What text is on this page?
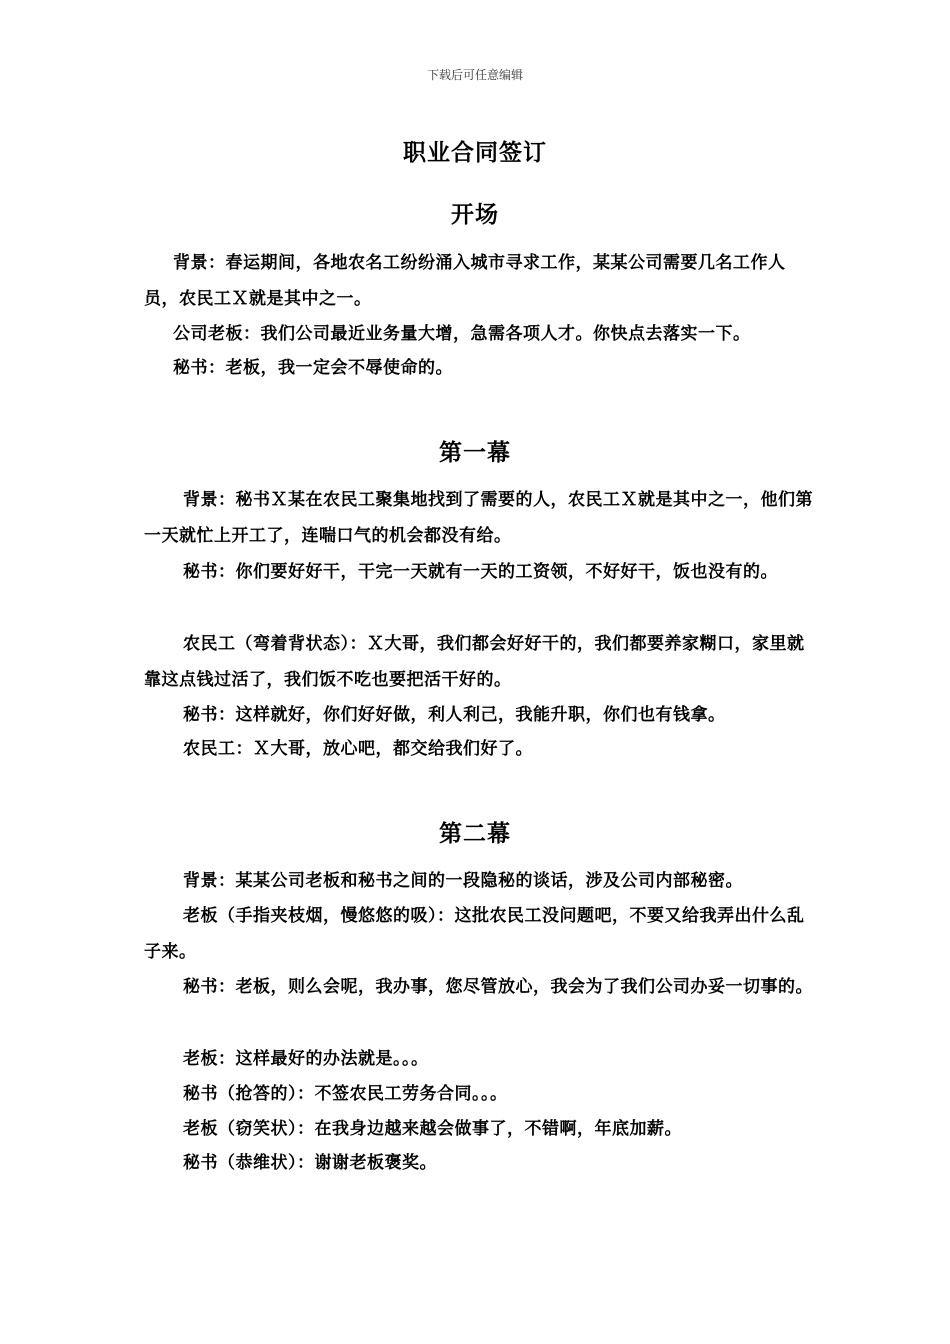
下载后可任意编辑
职业合同签订
开场

背景：春运期间，各地农名工纷纷涌入城市寻求工作，某某公司需要几名工作人员，农民工Ｘ就是其中之一。

公司老板：我们公司最近业务量大增，急需各项人才。你快点去落实一下。

秘书：老板，我一定会不辱使命的。

第一幕

背景：秘书Ｘ某在农民工聚集地找到了需要的人，农民工Ｘ就是其中之一，他们第一天就忙上开工了，连喘口气的机会都没有给。

秘书：你们要好好干，干完一天就有一天的工资领，不好好干，饭也没有的。

农民工（弯着背状态）：Ｘ大哥，我们都会好好干的，我们都要养家糊口，家里就靠这点钱过活了，我们饭不吃也要把活干好的。

秘书：这样就好，你们好好做，利人利己，我能升职，你们也有钱拿。

农民工：Ｘ大哥，放心吧，都交给我们好了。

第二幕

背景：某某公司老板和秘书之间的一段隐秘的谈话，涉及公司内部秘密。

老板（手指夹枝烟，慢悠悠的吸）：这批农民工没问题吧，不要又给我弄出什么乱子来。

秘书：老板，则么会呢，我办事，您尽管放心，我会为了我们公司办妥一切事的。

老板：这样最好的办法就是。。。

秘书（抢答的）：不签农民工劳务合同。。。

老板（窃笑状）：在我身边越来越会做事了，不错啊，年底加薪。

秘书（恭维状）：谢谢老板褒奖。
